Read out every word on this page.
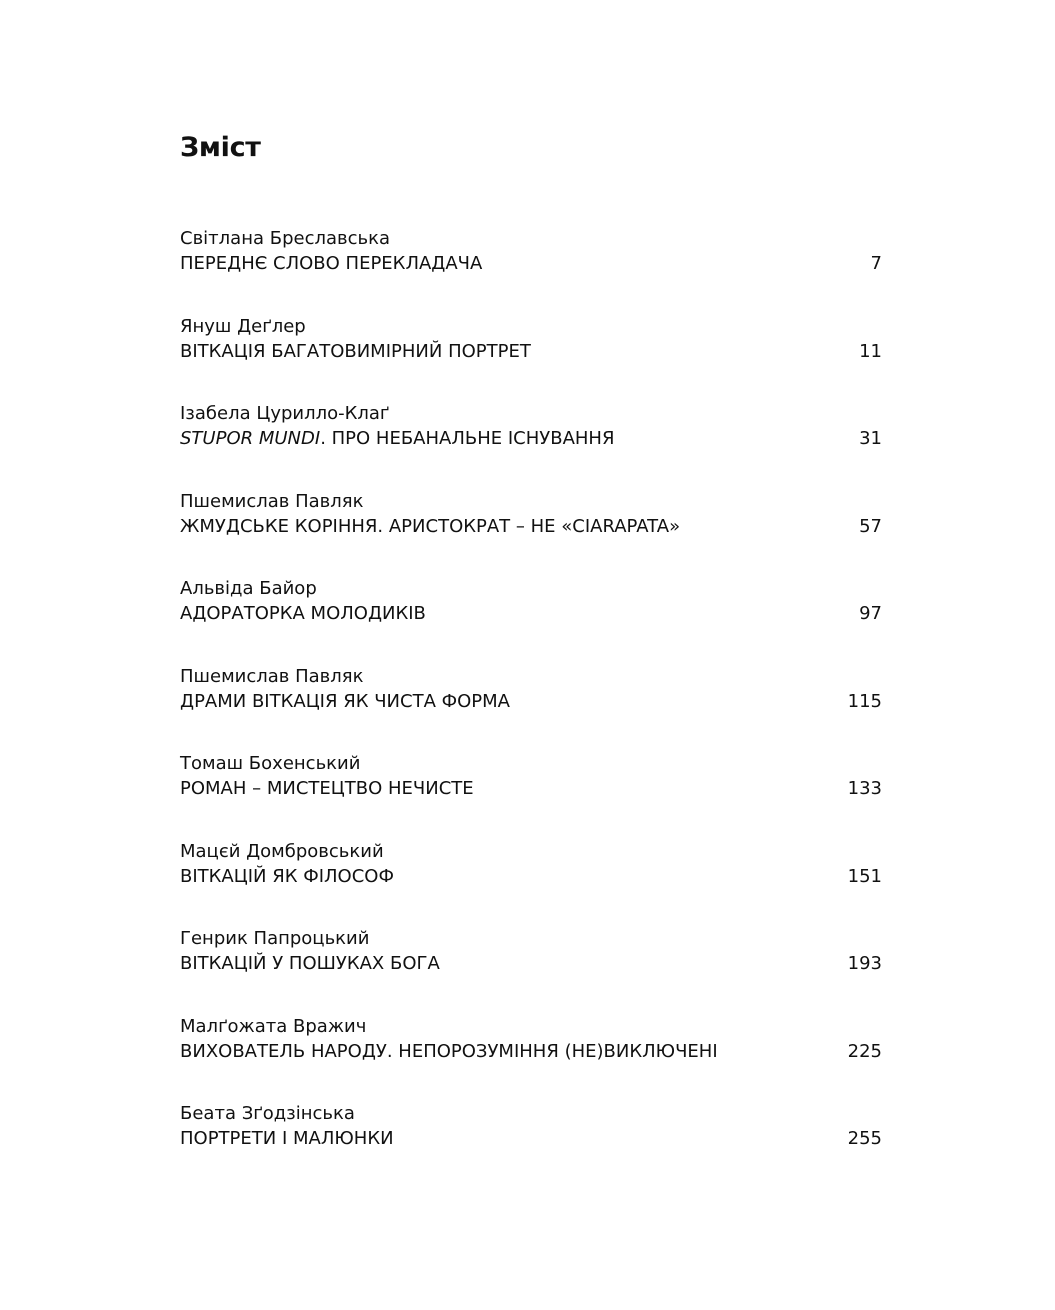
Зміст
Світлана Бреславська
ПЕРЕДНЄ СЛОВО ПЕРЕКЛАДАЧА	7
Януш Деґлер
ВІТКАЦІЯ БАГАТОВИМІРНИЙ ПОРТРЕТ	11
Ізабела Цурилло-Клаґ
STUPOR MUNDI. ПРО НЕБАНАЛЬНЕ ІСНУВАННЯ	31
Пшемислав Павляк
ЖМУДСЬКЕ КОРІННЯ. АРИСТОКРАТ – НЕ «CIARAPATA»	57
Альвіда Байор
АДОРАТОРКА МОЛОДИКІВ	97
Пшемислав Павляк
ДРАМИ ВІТКАЦІЯ ЯК ЧИСТА ФОРМА	115
Томаш Бохенський
РОМАН – МИСТЕЦТВО НЕЧИСТЕ	133
Мацєй Домбровський
ВІТКАЦІЙ ЯК ФІЛОСОФ	151
Генрик Папроцький
ВІТКАЦІЙ У ПОШУКАХ БОГА	193
Малґожата Вражич
ВИХОВАТЕЛЬ НАРОДУ. НЕПОРОЗУМІННЯ (НЕ)ВИКЛЮЧЕНІ	225
Беата Зґодзінська
ПОРТРЕТИ І МАЛЮНКИ	255
